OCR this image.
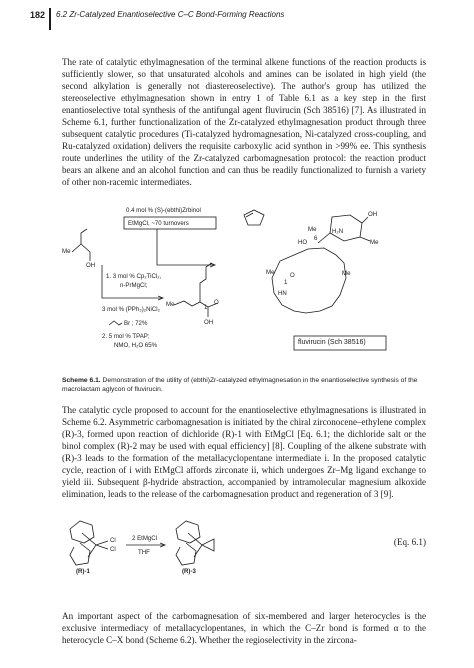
182 6.2 Zr-Catalyzed Enantioselective C–C Bond-Forming Reactions

The rate of catalytic ethylmagnesation of the terminal alkene functions of the reaction products is sufficiently slower, so that unsaturated alcohols and amines can be isolated in high yield (the second alkylation is generally not diastereoselective). The author's group has utilized the stereoselective ethylmagnesation shown in entry 1 of Table 6.1 as a key step in the first enantioselective total synthesis of the antifungal agent fluvirucin (Sch 38516) [7]. As illustrated in Scheme 6.1, further functionalization of the Zr-catalyzed ethylmagnesation product through three subsequent catalytic procedures (Ti-catalyzed hydromagnesation, Ni-catalyzed cross-coupling, and Ru-catalyzed oxidation) delivers the requisite carboxylic acid synthon in >99% ee. This synthesis route underlines the utility of the Zr-catalyzed carbomagnesation protocol: the reaction product bears an alkene and an alcohol function and can thus be readily functionalized to furnish a variety of other non-racemic intermediates.

0.4 mol % (S)-(ebthi)Zrbinol
EtMgCl, ~70 turnovers
Me
OH
1. 3 mol % Cp₂TiCl₂,
n-PrMgCl;
3 mol % (PPh₃)₂NiCl₂
Br ; 72%
2. 5 mol % TPAP;
NMO, H₂O 65%
Me	O
1
OH
H₂N
OH
HO	Me
Me
6
Me	O
1
HN
Me
fluvirucin (Sch 38516)

Scheme 6.1. Demonstration of the utility of (ebthi)Zr-catalyzed ethylmagnesation in the enantioselective synthesis of the macrolactam aglycon of fluvirucin.

The catalytic cycle proposed to account for the enantioselective ethylmagnesations is illustrated in Scheme 6.2. Asymmetric carbomagnesation is initiated by the chiral zirconocene–ethylene complex (R)-3, formed upon reaction of dichloride (R)-1 with EtMgCl [Eq. 6.1; the dichloride salt or the binol complex (R)-2 may be used with equal efficiency] [8]. Coupling of the alkene substrate with (R)-3 leads to the formation of the metallacyclopentane intermediate i. In the proposed catalytic cycle, reaction of i with EtMgCl affords zirconate ii, which undergoes Zr–Mg ligand exchange to yield iii. Subsequent β-hydride abstraction, accompanied by intramolecular magnesium alkoxide elimination, leads to the release of the carbomagnesation product and regeneration of 3 [9].

Cl
Cl
2 EtMgCl
THF
(R)-1	(R)-3
(Eq. 6.1)

An important aspect of the carbomagnesation of six-membered and larger heterocycles is the exclusive intermediacy of metallacyclopentanes, in which the C–Zr bond is formed α to the heterocycle C–X bond (Scheme 6.2). Whether the regioselectivity in the zircona-
